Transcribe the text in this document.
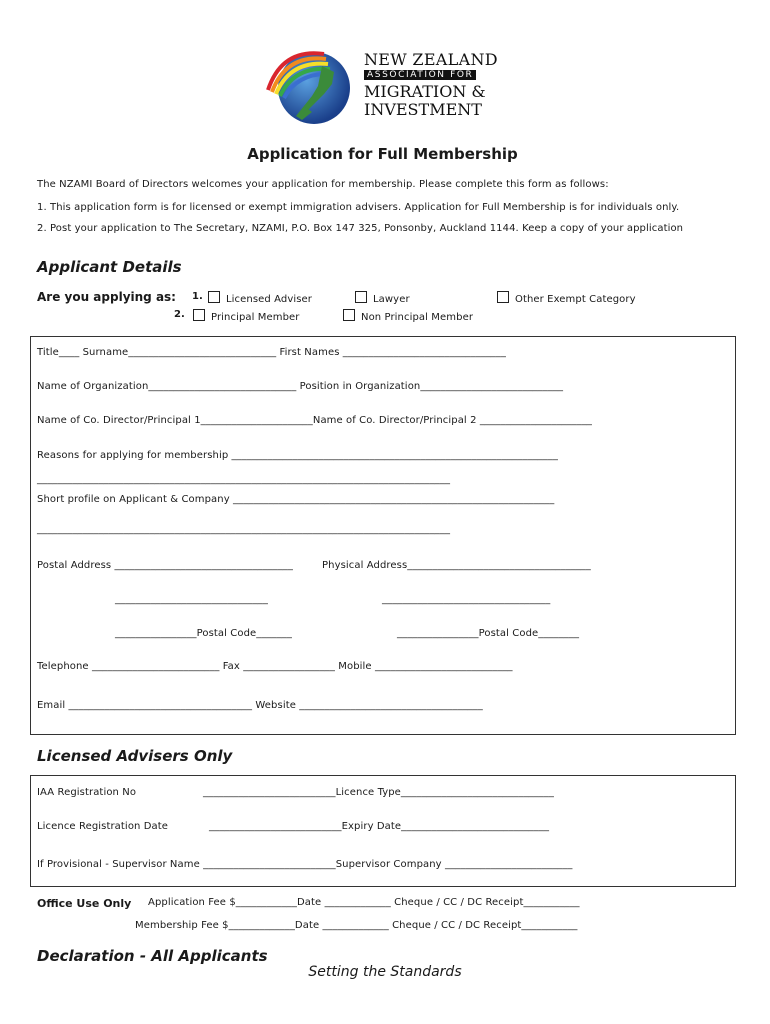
NEW ZEALAND
ASSOCIATION FOR
MIGRATION &
INVESTMENT
Application for Full Membership
The NZAMI Board of Directors welcomes your application for membership. Please complete this form as follows:
1. This application form is for licensed or exempt immigration advisers. Application for Full Membership is for individuals only.
2. Post your application to The Secretary, NZAMI, P.O. Box 147 325, Ponsonby, Auckland 1144. Keep a copy of your application
Applicant Details
Are you applying as: 1.
2.
Licensed Adviser	Lawyer	Other Exempt Category
Principal Member	Non Principal Member
Title____ Surname_____________________________ First Names ________________________________
Name of Organization_____________________________ Position in Organization____________________________
Name of Co. Director/Principal 1______________________Name of Co. Director/Principal 2 ______________________
Reasons for applying for membership ________________________________________________________________
_________________________________________________________________________________
Short profile on Applicant & Company _______________________________________________________________
_________________________________________________________________________________
Postal Address ___________________________________	Physical Address____________________________________
______________________________	_________________________________
________________Postal Code_______	________________Postal Code________
Telephone _________________________ Fax __________________ Mobile ___________________________
Email ____________________________________ Website ____________________________________
Licensed Advisers Only
IAA Registration No	__________________________Licence Type______________________________
Licence Registration Date	__________________________Expiry Date_____________________________
If Provisional - Supervisor Name __________________________Supervisor Company _________________________
Office Use Only Application Fee $____________Date _____________ Cheque / CC / DC Receipt___________
Membership Fee $_____________Date _____________ Cheque / CC / DC Receipt___________
Declaration - All Applicants
Setting the Standards
